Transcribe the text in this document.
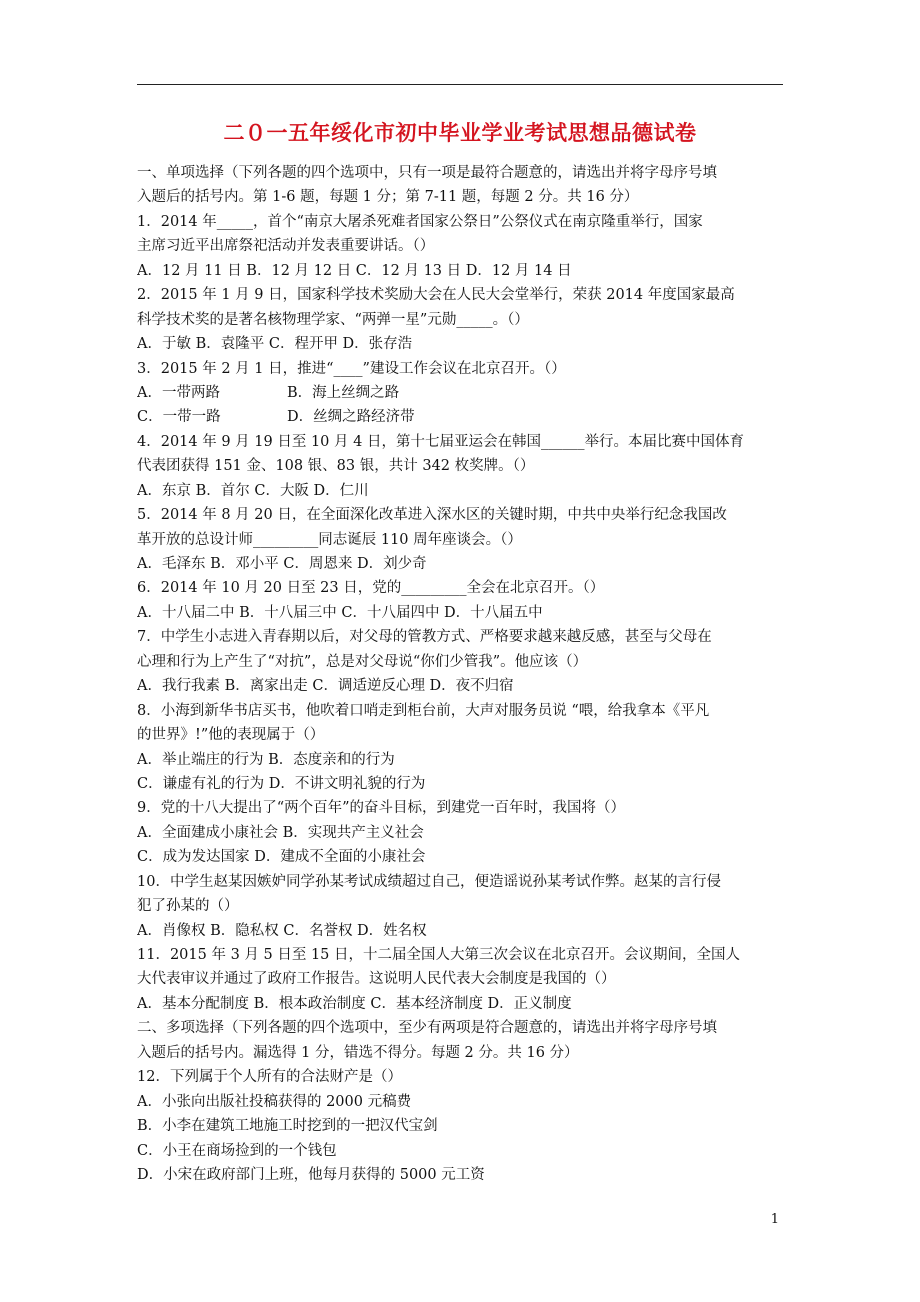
二０一五年绥化市初中毕业学业考试思想品德试卷
一、单项选择（下列各题的四个选项中，只有一项是最符合题意的，请选出并将字母序号填
入题后的括号内。第 1-6 题，每题 1 分；第 7-11 题，每题 2 分。共 16 分）
1．2014 年_____，首个“南京大屠杀死难者国家公祭日”公祭仪式在南京隆重举行，国家
主席习近平出席祭祀活动并发表重要讲话。（）
A．12 月 11 日 B．12 月 12 日 C．12 月 13 日 D．12 月 14 日
2．2015 年 1 月 9 日，国家科学技术奖励大会在人民大会堂举行，荣获 2014 年度国家最高
科学技术奖的是著名核物理学家、“两弹一星”元勋_____。（）
A．于敏 B．袁隆平 C．程开甲 D．张存浩
3．2015 年 2 月 1 日，推进“____”建设工作会议在北京召开。（）
A．一带两路	B．海上丝绸之路
C．一带一路	D．丝绸之路经济带
4．2014 年 9 月 19 日至 10 月 4 日，第十七届亚运会在韩国______举行。本届比赛中国体育
代表团获得 151 金、108 银、83 银，共计 342 枚奖牌。（）
A．东京 B．首尔 C．大阪 D．仁川
5．2014 年 8 月 20 日，在全面深化改革进入深水区的关键时期，中共中央举行纪念我国改
革开放的总设计师_________同志诞辰 110 周年座谈会。（）
A．毛泽东 B．邓小平 C．周恩来 D．刘少奇
6．2014 年 10 月 20 日至 23 日，党的_________全会在北京召开。（）
A．十八届二中 B．十八届三中 C．十八届四中 D．十八届五中
7．中学生小志进入青春期以后，对父母的管教方式、严格要求越来越反感，甚至与父母在
心理和行为上产生了“对抗”，总是对父母说“你们少管我”。他应该（）
A．我行我素 B．离家出走 C．调适逆反心理 D．夜不归宿
8．小海到新华书店买书，他吹着口哨走到柜台前，大声对服务员说 “喂，给我拿本《平凡
的世界》!”他的表现属于（）
A．举止端庄的行为 B．态度亲和的行为
C．谦虚有礼的行为 D．不讲文明礼貌的行为
9．党的十八大提出了“两个百年”的奋斗目标，到建党一百年时，我国将（）
A．全面建成小康社会 B．实现共产主义社会
C．成为发达国家 D．建成不全面的小康社会
10．中学生赵某因嫉妒同学孙某考试成绩超过自己，便造谣说孙某考试作弊。赵某的言行侵
犯了孙某的（）
A．肖像权 B．隐私权 C．名誉权 D．姓名权
11．2015 年 3 月 5 日至 15 日，十二届全国人大第三次会议在北京召开。会议期间，全国人
大代表审议并通过了政府工作报告。这说明人民代表大会制度是我国的（）
A．基本分配制度 B．根本政治制度 C．基本经济制度 D．正义制度
二、多项选择（下列各题的四个选项中，至少有两项是符合题意的，请选出并将字母序号填
入题后的括号内。漏选得 1 分，错选不得分。每题 2 分。共 16 分）
12．下列属于个人所有的合法财产是（）
A．小张向出版社投稿获得的 2000 元稿费
B．小李在建筑工地施工时挖到的一把汉代宝剑
C．小王在商场捡到的一个钱包
D．小宋在政府部门上班，他每月获得的 5000 元工资
1
